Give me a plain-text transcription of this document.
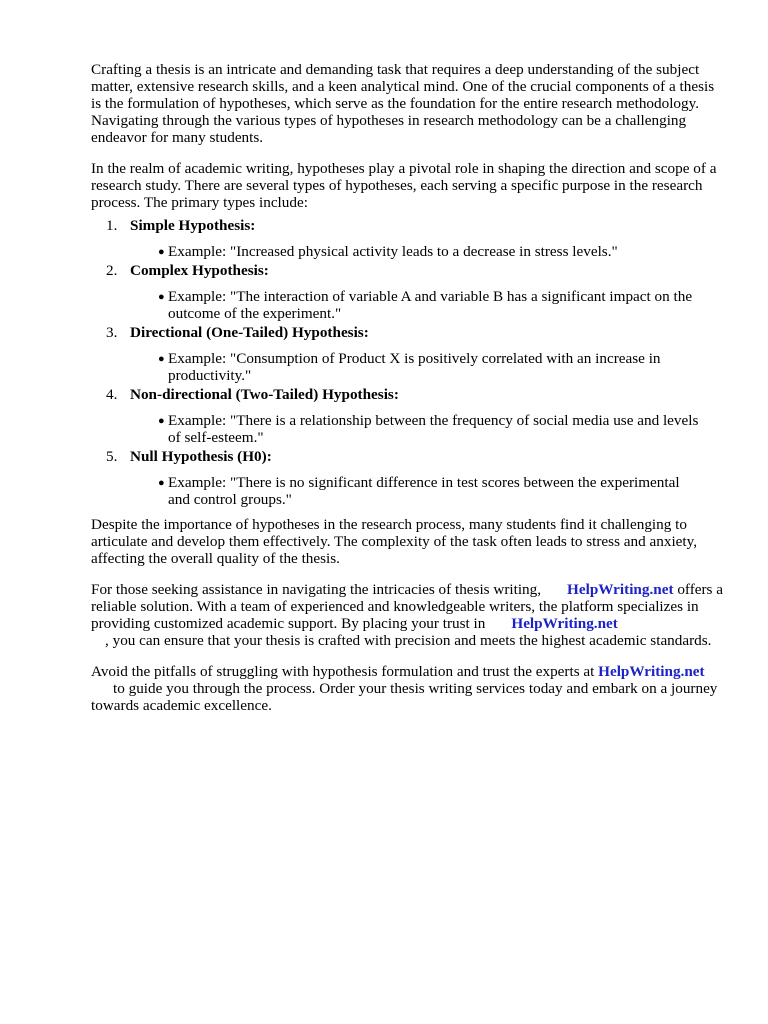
Crafting a thesis is an intricate and demanding task that requires a deep understanding of the subject matter, extensive research skills, and a keen analytical mind. One of the crucial components of a thesis is the formulation of hypotheses, which serve as the foundation for the entire research methodology. Navigating through the various types of hypotheses in research methodology can be a challenging endeavor for many students.

In the realm of academic writing, hypotheses play a pivotal role in shaping the direction and scope of a research study. There are several types of hypotheses, each serving a specific purpose in the research process. The primary types include:

1. Simple Hypothesis:
● Example: "Increased physical activity leads to a decrease in stress levels."
2. Complex Hypothesis:
● Example: "The interaction of variable A and variable B has a significant impact on the outcome of the experiment."
3. Directional (One-Tailed) Hypothesis:
● Example: "Consumption of Product X is positively correlated with an increase in productivity."
4. Non-directional (Two-Tailed) Hypothesis:
● Example: "There is a relationship between the frequency of social media use and levels of self-esteem."
5. Null Hypothesis (H0):
● Example: "There is no significant difference in test scores between the experimental and control groups."

Despite the importance of hypotheses in the research process, many students find it challenging to articulate and develop them effectively. The complexity of the task often leads to stress and anxiety, affecting the overall quality of the thesis.

For those seeking assistance in navigating the intricacies of thesis writing, HelpWriting.net offers a reliable solution. With a team of experienced and knowledgeable writers, the platform specializes in providing customized academic support. By placing your trust in HelpWriting.net
, you can ensure that your thesis is crafted with precision and meets the highest academic standards.

Avoid the pitfalls of struggling with hypothesis formulation and trust the experts at HelpWriting.netto guide you through the process. Order your thesis writing services today and embark on a journey towards academic excellence.
